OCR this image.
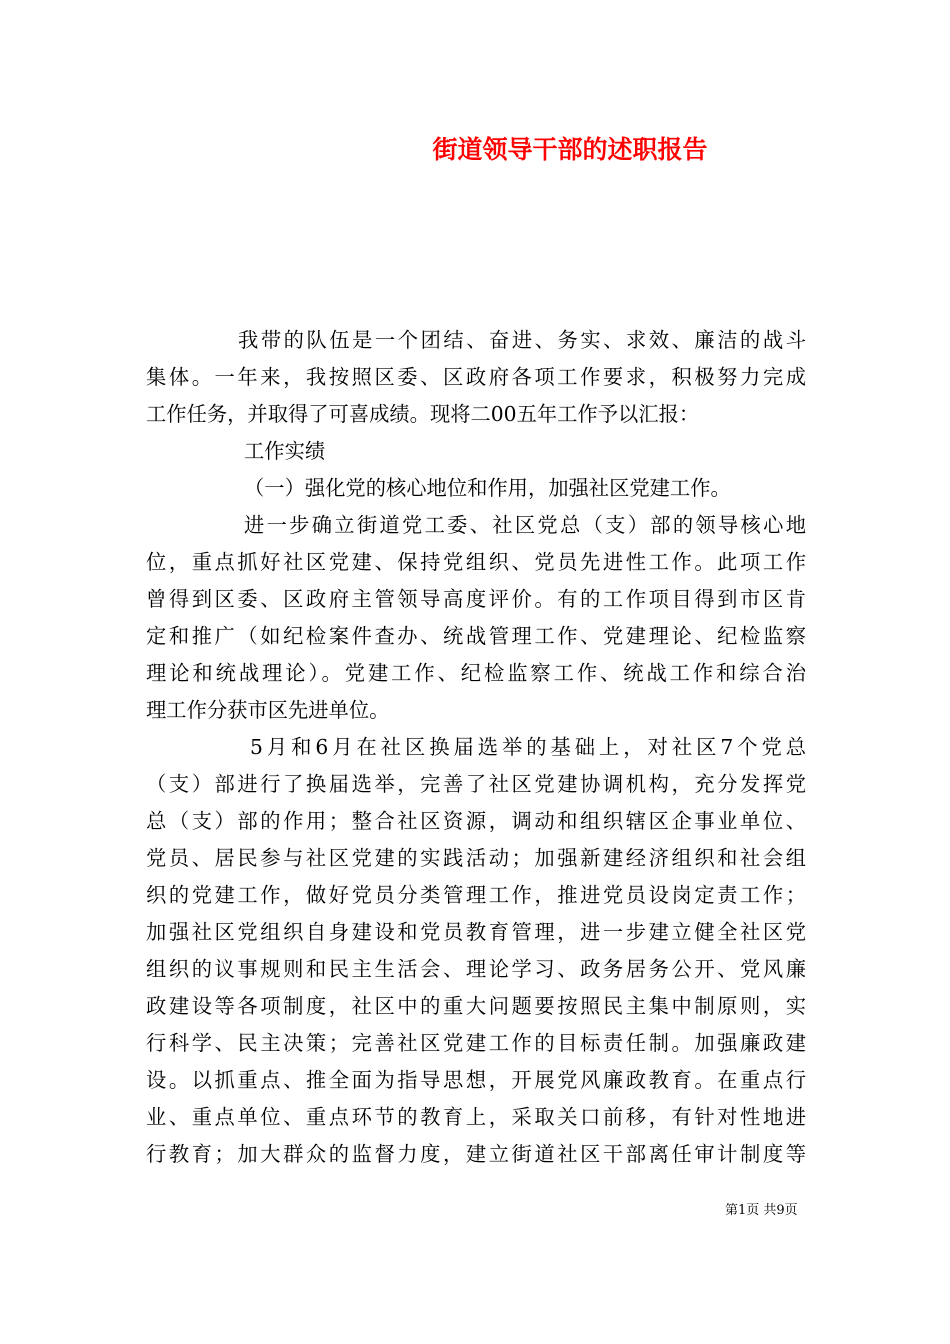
街道领导干部的述职报告
我带的队伍是一个团结、奋进、务实、求效、廉洁的战斗
集体。一年来，我按照区委、区政府各项工作要求，积极努力完成
工作任务，并取得了可喜成绩。现将二00五年工作予以汇报：
工作实绩
（一）强化党的核心地位和作用，加强社区党建工作。
进一步确立街道党工委、社区党总（支）部的领导核心地
位，重点抓好社区党建、保持党组织、党员先进性工作。此项工作
曾得到区委、区政府主管领导高度评价。有的工作项目得到市区肯
定和推广（如纪检案件查办、统战管理工作、党建理论、纪检监察
理论和统战理论）。党建工作、纪检监察工作、统战工作和综合治
理工作分获市区先进单位。
5月和6月在社区换届选举的基础上，对社区7个党总
（支）部进行了换届选举，完善了社区党建协调机构，充分发挥党
总（支）部的作用；整合社区资源，调动和组织辖区企事业单位、
党员、居民参与社区党建的实践活动；加强新建经济组织和社会组
织的党建工作，做好党员分类管理工作，推进党员设岗定责工作；
加强社区党组织自身建设和党员教育管理，进一步建立健全社区党
组织的议事规则和民主生活会、理论学习、政务居务公开、党风廉
政建设等各项制度，社区中的重大问题要按照民主集中制原则，实
行科学、民主决策；完善社区党建工作的目标责任制。加强廉政建
设。以抓重点、推全面为指导思想，开展党风廉政教育。在重点行
业、重点单位、重点环节的教育上，采取关口前移，有针对性地进
行教育；加大群众的监督力度，建立街道社区干部离任审计制度等
第1页 共9页
